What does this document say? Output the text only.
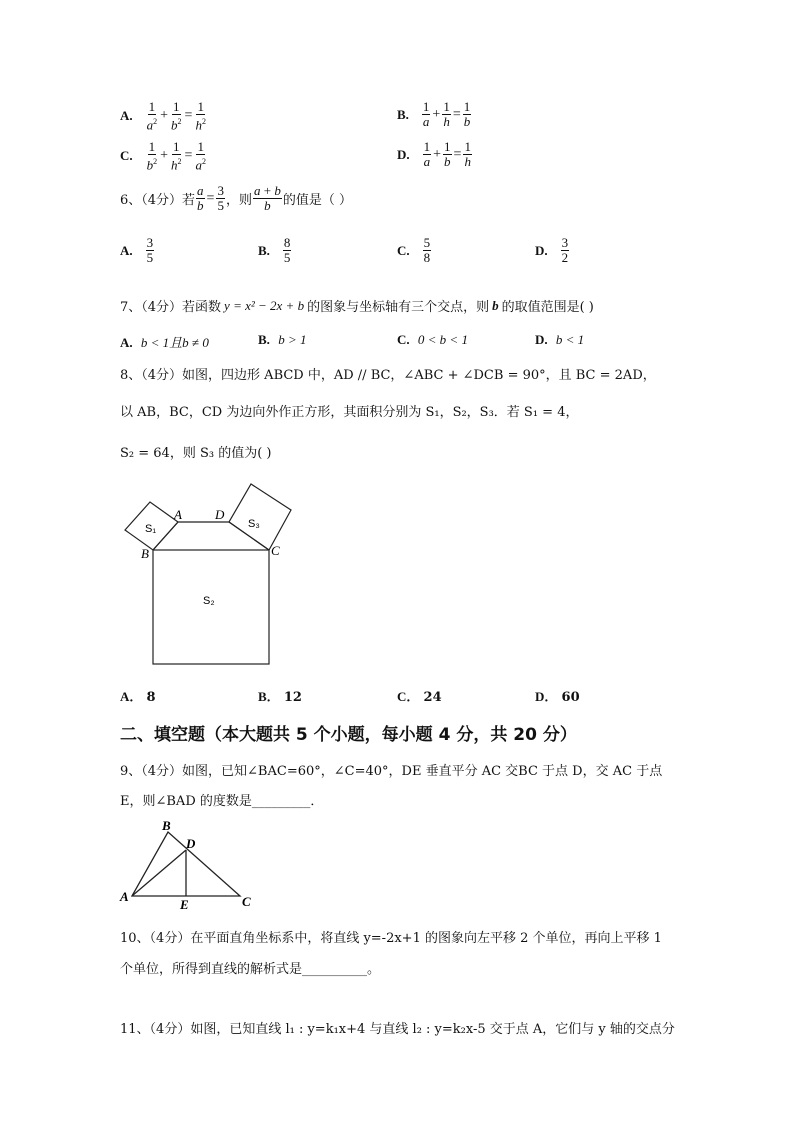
A. $\frac{1}{a^2} + \frac{1}{b^2} = \frac{1}{h^2}$	B. $\frac{1}{a} + \frac{1}{h} = \frac{1}{b}$
C. $\frac{1}{b^2} + \frac{1}{h^2} = \frac{1}{a^2}$	D. $\frac{1}{a} + \frac{1}{b} = \frac{1}{h}$
6、（4分）若 $\frac{a}{b} = \frac{3}{5}$ ，则 $\frac{a + b}{b}$ 的值是（ ）
A. $\frac{3}{5}$	B. $\frac{8}{5}$	C. $\frac{5}{8}$	D. $\frac{3}{2}$
7、（4分）若函数 y = x² − 2x + b 的图象与坐标轴有三个交点，则 b 的取值范围是( )
A. b < 1且b ≠ 0	B. b > 1	C. 0 < b < 1	D. b < 1
8、（4分）如图，四边形 ABCD 中，AD // BC，∠ABC + ∠DCB = 90°，且 BC = 2AD，
以 AB，BC，CD 为边向外作正方形，其面积分别为 S₁，S₂，S₃．若 S₁ = 4，
S₂ = 64，则 S₃ 的值为( )
S₁	S₃
S₂
A	D
B	C
A． 8	B． 12	C． 24	D． 60
二、填空题（本大题共 5 个小题，每小题 4 分，共 20 分）
9、（4分）如图，已知∠BAC=60°，∠C=40°，DE 垂直平分 AC 交BC 于点 D，交 AC 于点
E，则∠BAD 的度数是_________．
B
D
A	C
E
10、（4分）在平面直角坐标系中，将直线 y=-2x+1 的图象向左平移 2 个单位，再向上平移 1
个单位，所得到直线的解析式是__________。
11、（4分）如图，已知直线 l₁ : y=k₁x+4 与直线 l₂ : y=k₂x-5 交于点 A，它们与 y 轴的交点分
